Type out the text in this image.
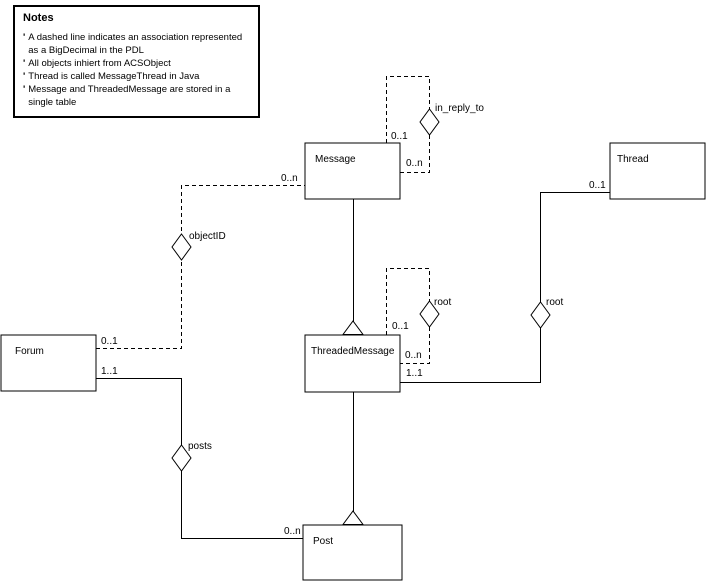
Message	Thread
ThreadedMessage
Forum
Post
in_reply_to
0..1
0..n
objectID
0..n
0..1
root
0..1
0..n
root
0..1
1..1
posts
1..1
0..n
Notes
' A dashed line indicates an association represented as a BigDecimal in the PDL
' All objects inhiert from ACSObject
' Thread is called MessageThread in Java
' Message and ThreadedMessage are stored in a single table
